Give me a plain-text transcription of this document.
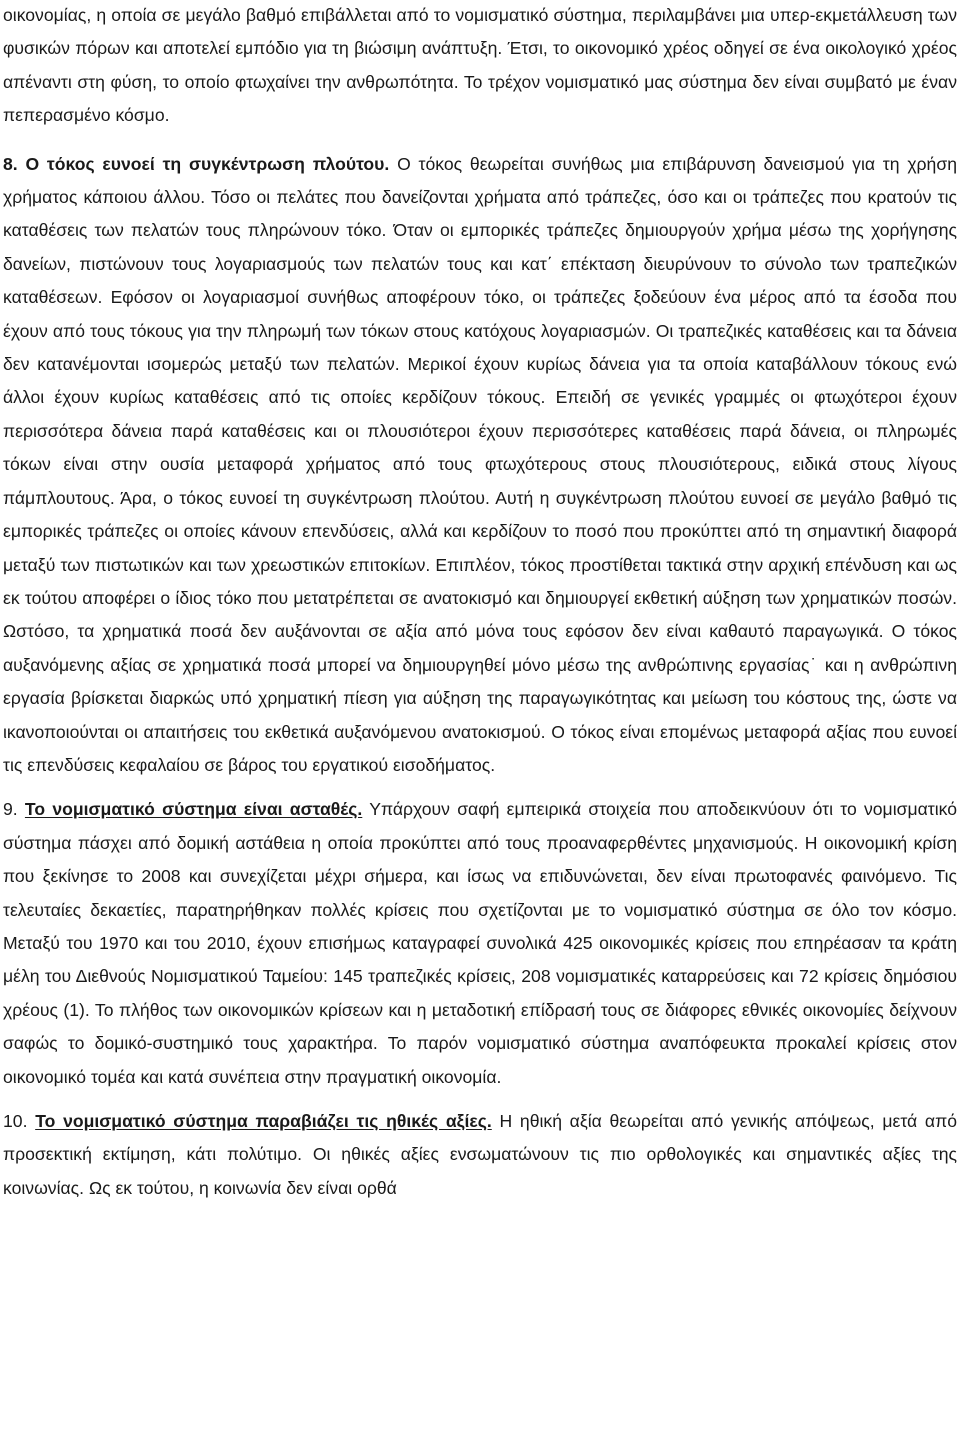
οικονομίας, η οποία σε μεγάλο βαθμό επιβάλλεται από το νομισματικό σύστημα, περιλαμβάνει μια υπερ-εκμετάλλευση των φυσικών πόρων και αποτελεί εμπόδιο για τη βιώσιμη ανάπτυξη. Έτσι, το οικονομικό χρέος οδηγεί σε ένα οικολογικό χρέος απέναντι στη φύση, το οποίο φτωχαίνει την ανθρωπότητα. Το τρέχον νομισματικό μας σύστημα δεν είναι συμβατό με έναν πεπερασμένο κόσμο.

8. Ο τόκος ευνοεί τη συγκέντρωση πλούτου. Ο τόκος θεωρείται συνήθως μια επιβάρυνση δανεισμού για τη χρήση χρήματος κάποιου άλλου. Τόσο οι πελάτες που δανείζονται χρήματα από τράπεζες, όσο και οι τράπεζες που κρατούν τις καταθέσεις των πελατών τους πληρώνουν τόκο. Όταν οι εμπορικές τράπεζες δημιουργούν χρήμα μέσω της χορήγησης δανείων, πιστώνουν τους λογαριασμούς των πελατών τους και κατ΄ επέκταση διευρύνουν το σύνολο των τραπεζικών καταθέσεων. Εφόσον οι λογαριασμοί συνήθως αποφέρουν τόκο, οι τράπεζες ξοδεύουν ένα μέρος από τα έσοδα που έχουν από τους τόκους για την πληρωμή των τόκων στους κατόχους λογαριασμών. Οι τραπεζικές καταθέσεις και τα δάνεια δεν κατανέμονται ισομερώς μεταξύ των πελατών. Μερικοί έχουν κυρίως δάνεια για τα οποία καταβάλλουν τόκους ενώ άλλοι έχουν κυρίως καταθέσεις από τις οποίες κερδίζουν τόκους. Επειδή σε γενικές γραμμές οι φτωχότεροι έχουν περισσότερα δάνεια παρά καταθέσεις και οι πλουσιότεροι έχουν περισσότερες καταθέσεις παρά δάνεια, οι πληρωμές τόκων είναι στην ουσία μεταφορά χρήματος από τους φτωχότερους στους πλουσιότερους, ειδικά στους λίγους πάμπλουτους. Άρα, ο τόκος ευνοεί τη συγκέντρωση πλούτου. Αυτή η συγκέντρωση πλούτου ευνοεί σε μεγάλο βαθμό τις εμπορικές τράπεζες οι οποίες κάνουν επενδύσεις, αλλά και κερδίζουν το ποσό που προκύπτει από τη σημαντική διαφορά μεταξύ των πιστωτικών και των χρεωστικών επιτοκίων. Επιπλέον, τόκος προστίθεται τακτικά στην αρχική επένδυση και ως εκ τούτου αποφέρει ο ίδιος τόκο που μετατρέπεται σε ανατοκισμό και δημιουργεί εκθετική αύξηση των χρηματικών ποσών. Ωστόσο, τα χρηματικά ποσά δεν αυξάνονται σε αξία από μόνα τους εφόσον δεν είναι καθαυτό παραγωγικά. Ο τόκος αυξανόμενης αξίας σε χρηματικά ποσά μπορεί να δημιουργηθεί μόνο μέσω της ανθρώπινης εργασίας˙ και η ανθρώπινη εργασία βρίσκεται διαρκώς υπό χρηματική πίεση για αύξηση της παραγωγικότητας και μείωση του κόστους της, ώστε να ικανοποιούνται οι απαιτήσεις του εκθετικά αυξανόμενου ανατοκισμού. Ο τόκος είναι επομένως μεταφορά αξίας που ευνοεί τις επενδύσεις κεφαλαίου σε βάρος του εργατικού εισοδήματος.

9. Το νομισματικό σύστημα είναι ασταθές. Υπάρχουν σαφή εμπειρικά στοιχεία που αποδεικνύουν ότι το νομισματικό σύστημα πάσχει από δομική αστάθεια η οποία προκύπτει από τους προαναφερθέντες μηχανισμούς. Η οικονομική κρίση που ξεκίνησε το 2008 και συνεχίζεται μέχρι σήμερα, και ίσως να επιδυνώνεται, δεν είναι πρωτοφανές φαινόμενο. Τις τελευταίες δεκαετίες, παρατηρήθηκαν πολλές κρίσεις που σχετίζονται με το νομισματικό σύστημα σε όλο τον κόσμο. Μεταξύ του 1970 και του 2010, έχουν επισήμως καταγραφεί συνολικά 425 οικονομικές κρίσεις που επηρέασαν τα κράτη μέλη του Διεθνούς Νομισματικού Ταμείου: 145 τραπεζικές κρίσεις, 208 νομισματικές καταρρεύσεις και 72 κρίσεις δημόσιου χρέους (1). Το πλήθος των οικονομικών κρίσεων και η μεταδοτική επίδρασή τους σε διάφορες εθνικές οικονομίες δείχνουν σαφώς το δομικό-συστημικό τους χαρακτήρα. Το παρόν νομισματικό σύστημα αναπόφευκτα προκαλεί κρίσεις στον οικονομικό τομέα και κατά συνέπεια στην πραγματική οικονομία.

10. Το νομισματικό σύστημα παραβιάζει τις ηθικές αξίες. Η ηθική αξία θεωρείται από γενικής απόψεως, μετά από προσεκτική εκτίμηση, κάτι πολύτιμο. Οι ηθικές αξίες ενσωματώνουν τις πιο ορθολογικές και σημαντικές αξίες της κοινωνίας. Ως εκ τούτου, η κοινωνία δεν είναι ορθά
